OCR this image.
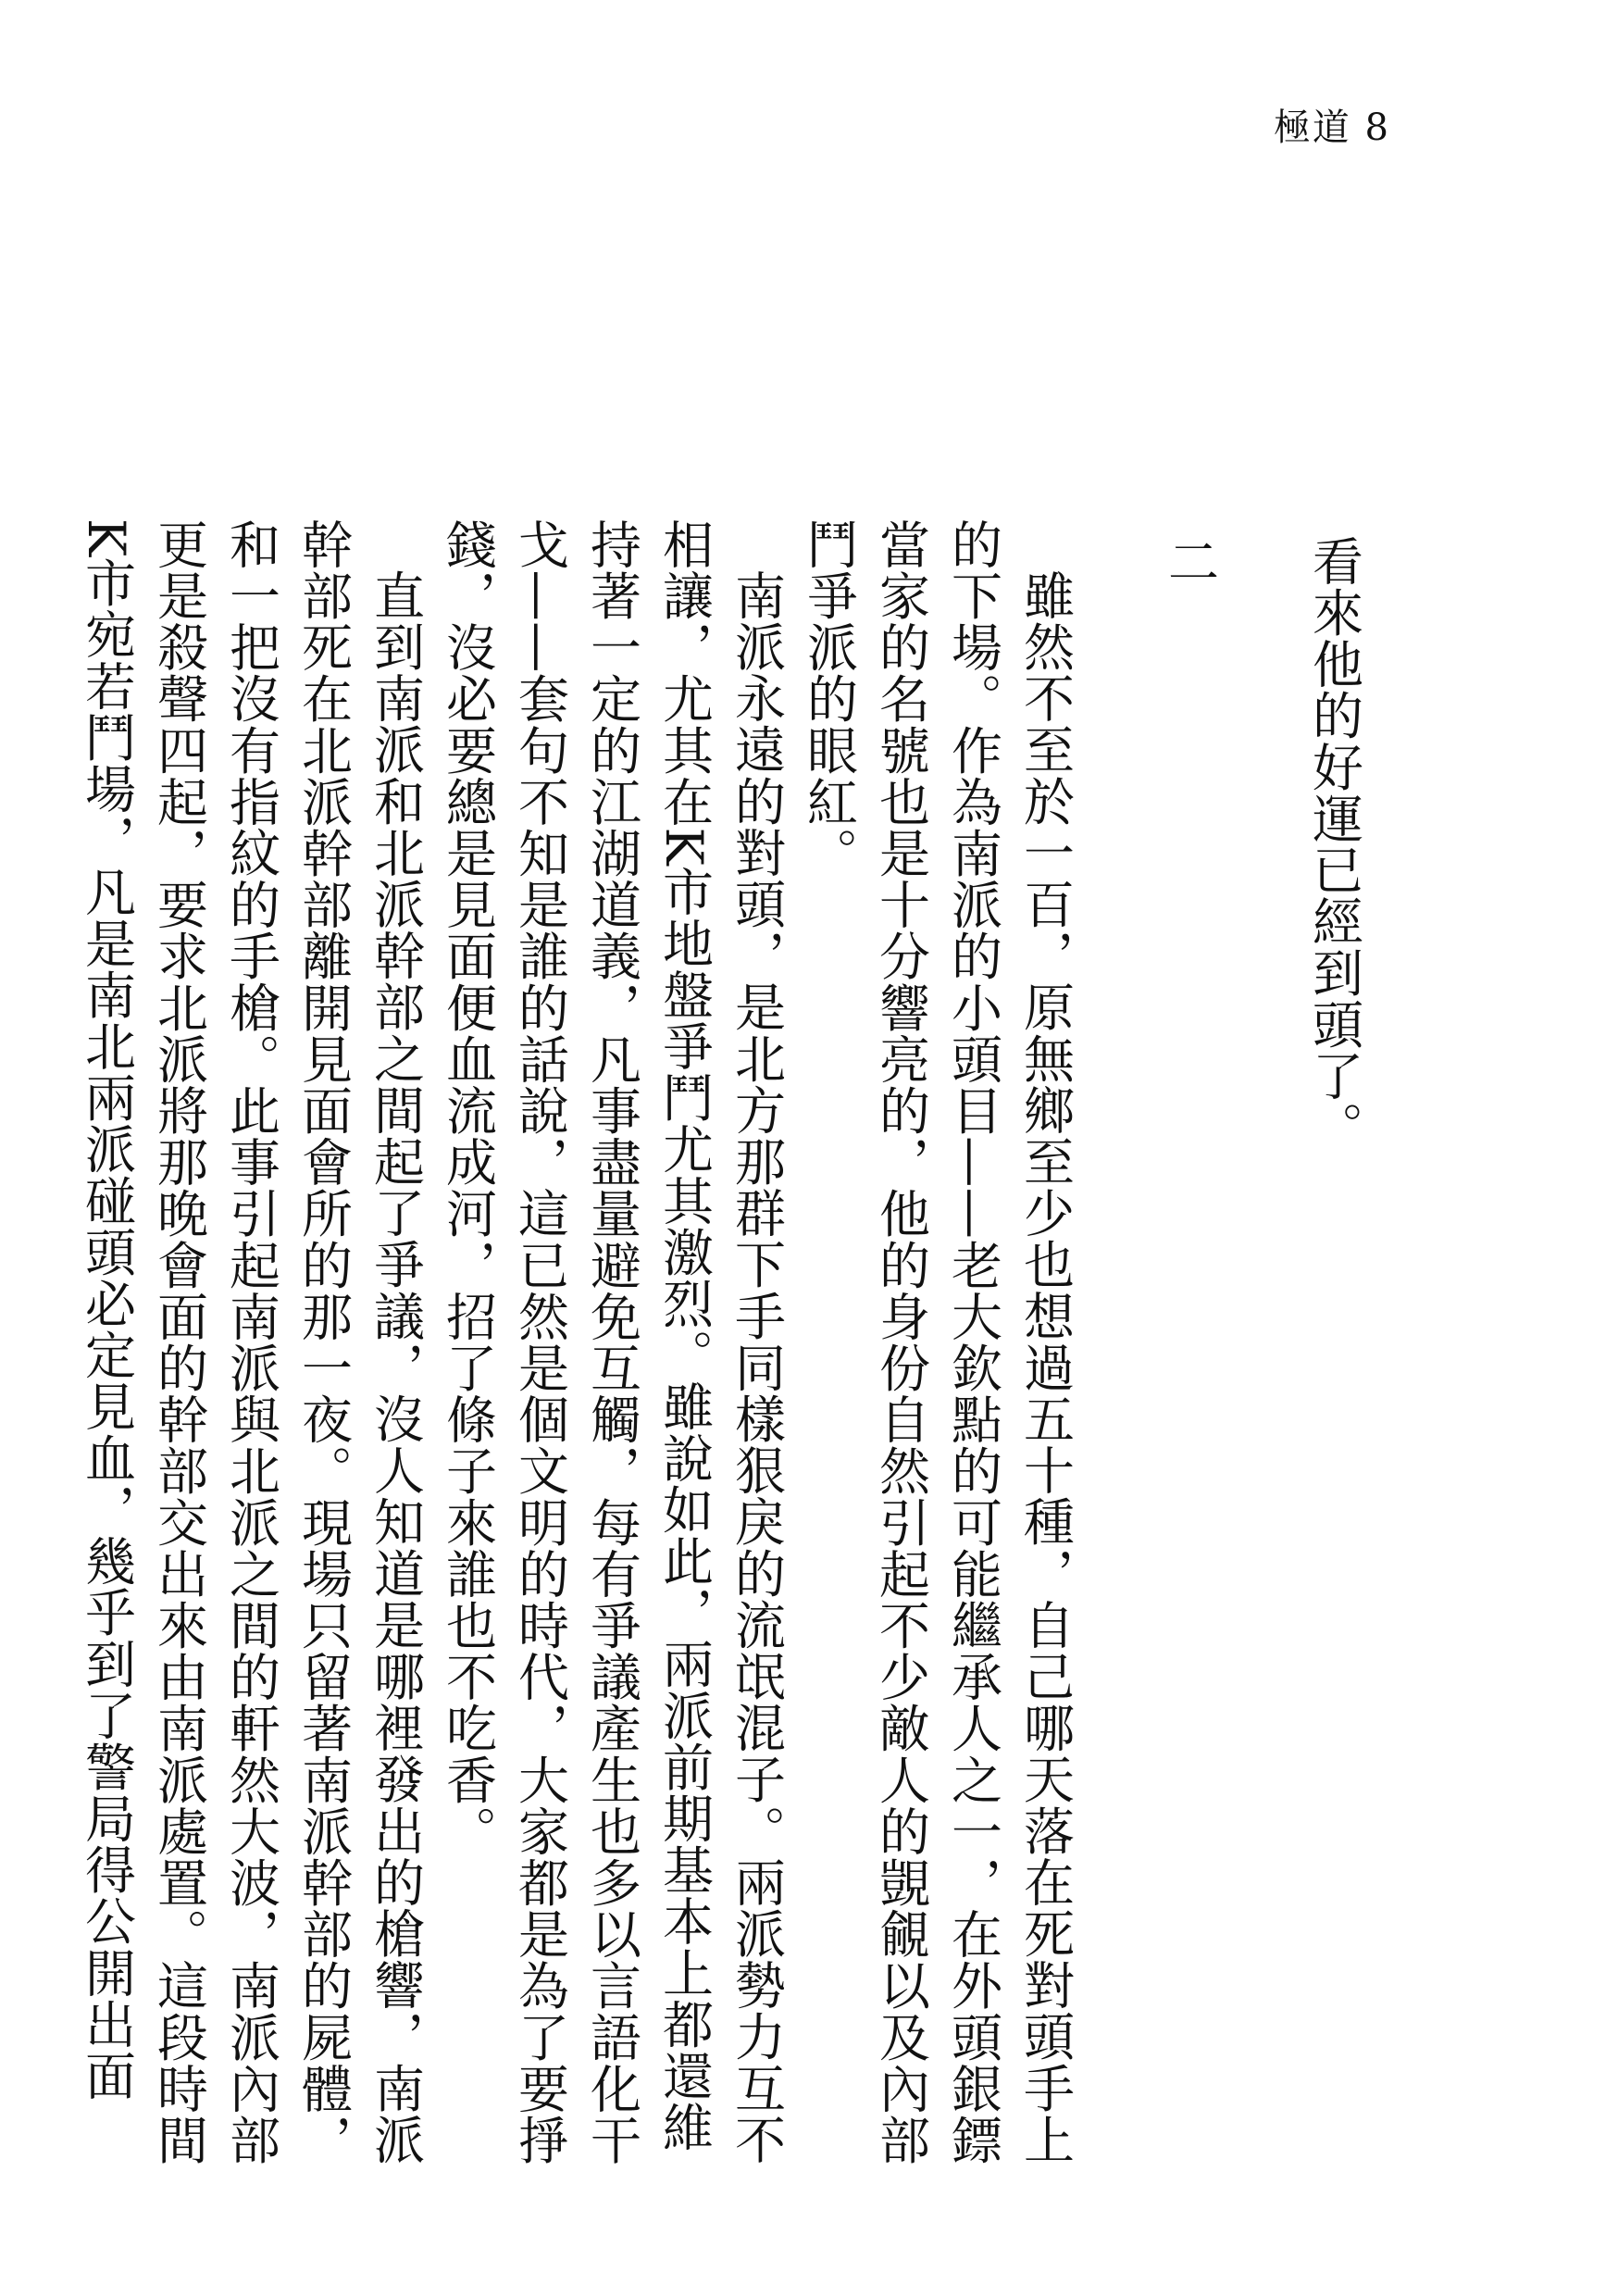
極道 8

看來他的好運已經到頭了。

二

雖然不至於一百，原無鄉至少也想過五十種，自己哪天落在死對頭手上的下場。作為南派的小頭目——老大欽點的可能繼承人之一，在外頭銀鏢當家的名號也是十分響亮的，他的身份自然引起不少敵人的覬覦以及內部鬥爭派的眼紅。

南派永遠的對頭，是北方那群下手同樣狠戾的流氓混子。兩派勢力互不相讓，尤其在K市地盤爭鬥尤其激烈。雖說如此，兩派前期基本上都還維持著一定的江湖道義，凡事盡量避免互觸，每有爭議產生也多以言語化干戈——套句不知是誰的話說，這已然是個文明的時代，大家都是為了要掙錢，沒必要總是見面便血流成河，招了條子來誰也不吃香。

直到南派和北派幹部之間起了爭議，沒人知道是哪裡發出的槍響，南派幹部死在北派幹部離開見面會所的那一夜。現場只留著南派幹部的屍體，和一把沒有指紋的手槍。此事引起南派與北派之間的軒然大波，南派內部更是殺聲四起，要求北派將那晚會面的幹部交出來由南派處置。這段時間K市宛若鬥場，凡是南北兩派碰頭必定見血，幾乎到了警局得公開出面
